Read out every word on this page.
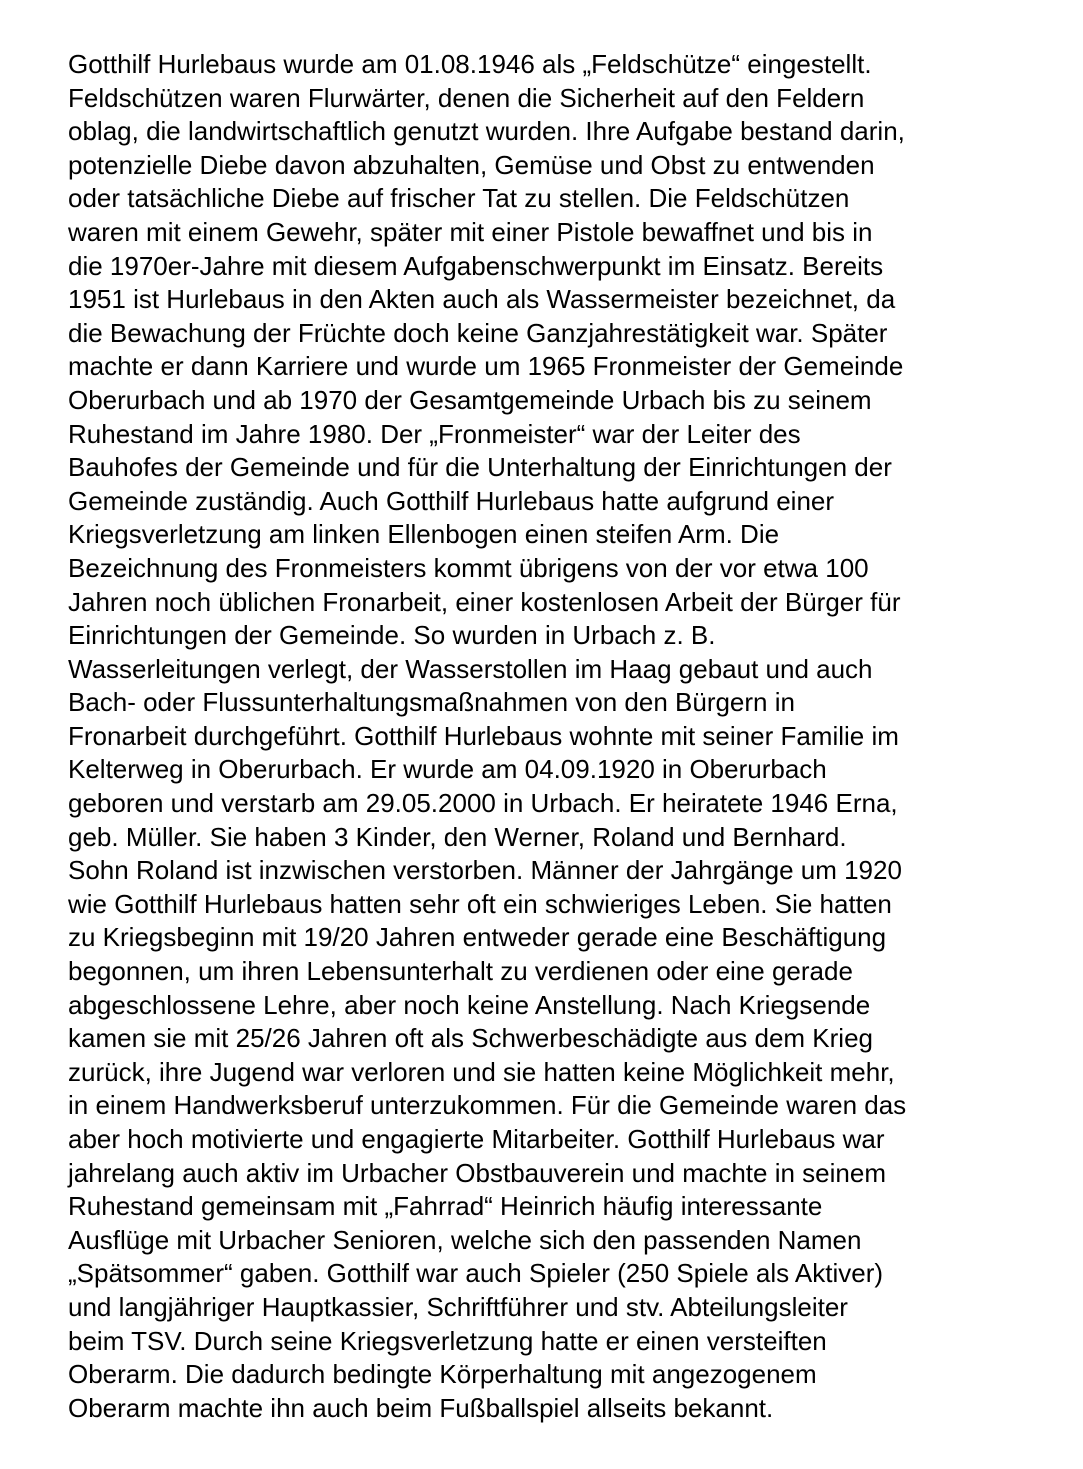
Gotthilf Hurlebaus wurde am 01.08.1946 als „Feldschütze“ eingestellt.
Feldschützen waren Flurwärter, denen die Sicherheit auf den Feldern
oblag, die landwirtschaftlich genutzt wurden. Ihre Aufgabe bestand darin,
potenzielle Diebe davon abzuhalten, Gemüse und Obst zu entwenden
oder tatsächliche Diebe auf frischer Tat zu stellen. Die Feldschützen
waren mit einem Gewehr, später mit einer Pistole bewaffnet und bis in
die 1970er-Jahre mit diesem Aufgabenschwerpunkt im Einsatz. Bereits
1951 ist Hurlebaus in den Akten auch als Wassermeister bezeichnet, da
die Bewachung der Früchte doch keine Ganzjahrestätigkeit war. Später
machte er dann Karriere und wurde um 1965 Fronmeister der Gemeinde
Oberurbach und ab 1970 der Gesamtgemeinde Urbach bis zu seinem
Ruhestand im Jahre 1980. Der „Fronmeister“ war der Leiter des
Bauhofes der Gemeinde und für die Unterhaltung der Einrichtungen der
Gemeinde zuständig. Auch Gotthilf Hurlebaus hatte aufgrund einer
Kriegsverletzung am linken Ellenbogen einen steifen Arm. Die
Bezeichnung des Fronmeisters kommt übrigens von der vor etwa 100
Jahren noch üblichen Fronarbeit, einer kostenlosen Arbeit der Bürger für
Einrichtungen der Gemeinde. So wurden in Urbach z. B.
Wasserleitungen verlegt, der Wasserstollen im Haag gebaut und auch
Bach- oder Flussunterhaltungsmaßnahmen von den Bürgern in
Fronarbeit durchgeführt. Gotthilf Hurlebaus wohnte mit seiner Familie im
Kelterweg in Oberurbach. Er wurde am 04.09.1920 in Oberurbach
geboren und verstarb am 29.05.2000 in Urbach. Er heiratete 1946 Erna,
geb. Müller. Sie haben 3 Kinder, den Werner, Roland und Bernhard.
Sohn Roland ist inzwischen verstorben. Männer der Jahrgänge um 1920
wie Gotthilf Hurlebaus hatten sehr oft ein schwieriges Leben. Sie hatten
zu Kriegsbeginn mit 19/20 Jahren entweder gerade eine Beschäftigung
begonnen, um ihren Lebensunterhalt zu verdienen oder eine gerade
abgeschlossene Lehre, aber noch keine Anstellung. Nach Kriegsende
kamen sie mit 25/26 Jahren oft als Schwerbeschädigte aus dem Krieg
zurück, ihre Jugend war verloren und sie hatten keine Möglichkeit mehr,
in einem Handwerksberuf unterzukommen. Für die Gemeinde waren das
aber hoch motivierte und engagierte Mitarbeiter. Gotthilf Hurlebaus war
jahrelang auch aktiv im Urbacher Obstbauverein und machte in seinem
Ruhestand gemeinsam mit „Fahrrad“ Heinrich häufig interessante
Ausflüge mit Urbacher Senioren, welche sich den passenden Namen
„Spätsommer“ gaben. Gotthilf war auch Spieler (250 Spiele als Aktiver)
und langjähriger Hauptkassier, Schriftführer und stv. Abteilungsleiter
beim TSV. Durch seine Kriegsverletzung hatte er einen versteiften
Oberarm. Die dadurch bedingte Körperhaltung mit angezogenem
Oberarm machte ihn auch beim Fußballspiel allseits bekannt.
